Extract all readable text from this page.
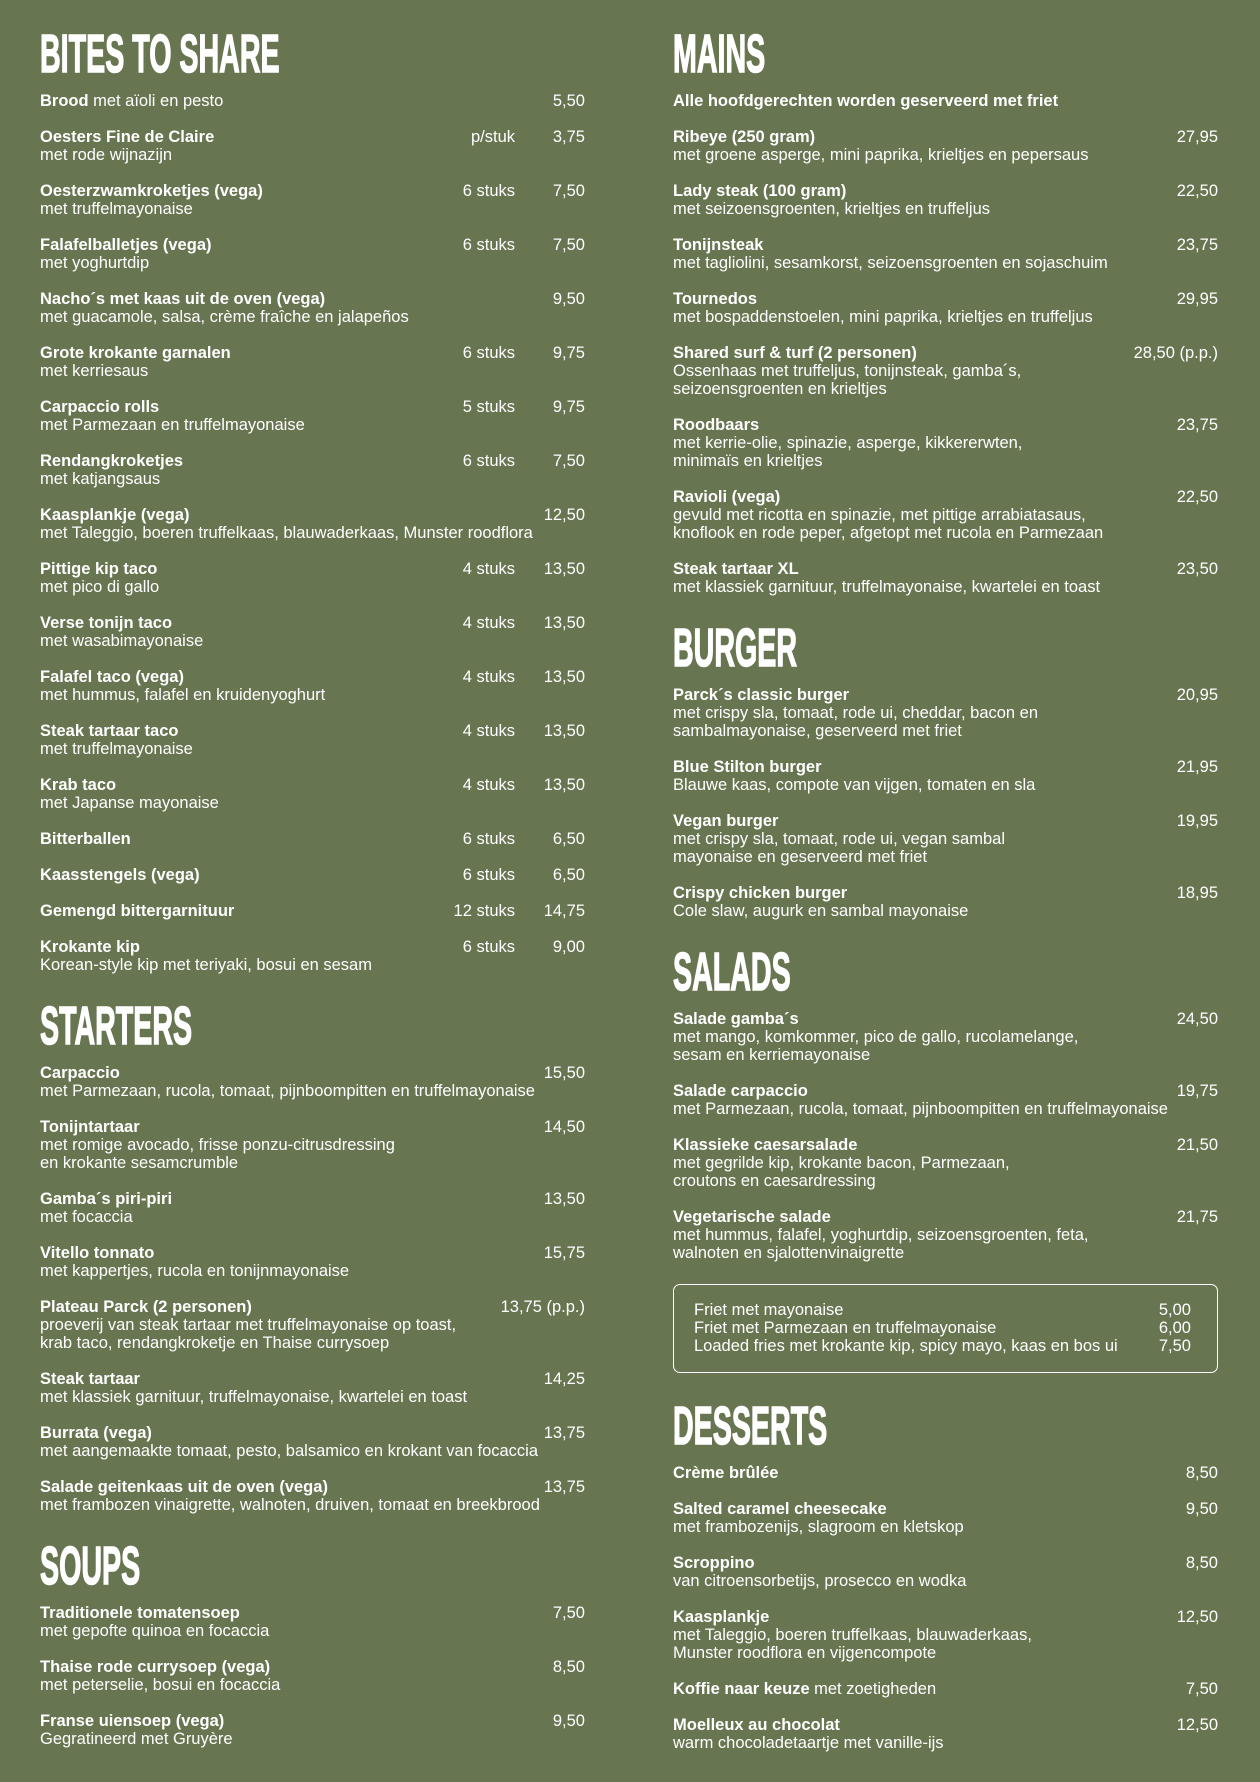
BITES TO SHARE
Brood met aïoli en pesto	5,50
Oesters Fine de Claire	p/stuk 3,75
met rode wijnazijn
Oesterzwamkroketjes (vega)	6 stuks 7,50
met truffelmayonaise
Falafelballetjes (vega)	6 stuks 7,50
met yoghurtdip
Nacho´s met kaas uit de oven (vega)	9,50
met guacamole, salsa, crème fraîche en jalapeños
Grote krokante garnalen	6 stuks 9,75
met kerriesaus
Carpaccio rolls	5 stuks 9,75
met Parmezaan en truffelmayonaise
Rendangkroketjes	6 stuks 7,50
met katjangsaus
Kaasplankje (vega)	12,50
met Taleggio, boeren truffelkaas, blauwaderkaas, Munster roodflora
Pittige kip taco	4 stuks 13,50
met pico di gallo
Verse tonijn taco	4 stuks 13,50
met wasabimayonaise
Falafel taco (vega)	4 stuks 13,50
met hummus, falafel en kruidenyoghurt
Steak tartaar taco	4 stuks 13,50
met truffelmayonaise
Krab taco	4 stuks 13,50
met Japanse mayonaise
Bitterballen	6 stuks 6,50
Kaasstengels (vega)	6 stuks 6,50
Gemengd bittergarnituur	12 stuks 14,75
Krokante kip	6 stuks 9,00
Korean-style kip met teriyaki, bosui en sesam
STARTERS
Carpaccio	15,50
met Parmezaan, rucola, tomaat, pijnboompitten en truffelmayonaise
Tonijntartaar	14,50
met romige avocado, frisse ponzu-citrusdressing
en krokante sesamcrumble
Gamba´s piri-piri	13,50
met focaccia
Vitello tonnato	15,75
met kappertjes, rucola en tonijnmayonaise
Plateau Parck (2 personen)	13,75 (p.p.)
proeverij van steak tartaar met truffelmayonaise op toast,
krab taco, rendangkroketje en Thaise currysoep
Steak tartaar	14,25
met klassiek garnituur, truffelmayonaise, kwartelei en toast
Burrata (vega)	13,75
met aangemaakte tomaat, pesto, balsamico en krokant van focaccia
Salade geitenkaas uit de oven (vega)	13,75
met frambozen vinaigrette, walnoten, druiven, tomaat en breekbrood
SOUPS
Traditionele tomatensoep	7,50
met gepofte quinoa en focaccia
Thaise rode currysoep (vega)	8,50
met peterselie, bosui en focaccia
Franse uiensoep (vega)	9,50
Gegratineerd met Gruyère
MAINS
Alle hoofdgerechten worden geserveerd met friet
Ribeye (250 gram)	27,95
met groene asperge, mini paprika, krieltjes en pepersaus
Lady steak (100 gram)	22,50
met seizoensgroenten, krieltjes en truffeljus
Tonijnsteak	23,75
met tagliolini, sesamkorst, seizoensgroenten en sojaschuim
Tournedos	29,95
met bospaddenstoelen, mini paprika, krieltjes en truffeljus
Shared surf & turf (2 personen)	28,50 (p.p.)
Ossenhaas met truffeljus, tonijnsteak, gamba´s,
seizoensgroenten en krieltjes
Roodbaars	23,75
met kerrie-olie, spinazie, asperge, kikkererwten,
minimaïs en krieltjes
Ravioli (vega)	22,50
gevuld met ricotta en spinazie, met pittige arrabiatasaus,
knoflook en rode peper, afgetopt met rucola en Parmezaan
Steak tartaar XL	23,50
met klassiek garnituur, truffelmayonaise, kwartelei en toast
BURGER
Parck´s classic burger	20,95
met crispy sla, tomaat, rode ui, cheddar, bacon en
sambalmayonaise, geserveerd met friet
Blue Stilton burger	21,95
Blauwe kaas, compote van vijgen, tomaten en sla
Vegan burger	19,95
met crispy sla, tomaat, rode ui, vegan sambal
mayonaise en geserveerd met friet
Crispy chicken burger	18,95
Cole slaw, augurk en sambal mayonaise
SALADS
Salade gamba´s	24,50
met mango, komkommer, pico de gallo, rucolamelange,
sesam en kerriemayonaise
Salade carpaccio	19,75
met Parmezaan, rucola, tomaat, pijnboompitten en truffelmayonaise
Klassieke caesarsalade	21,50
met gegrilde kip, krokante bacon, Parmezaan,
croutons en caesardressing
Vegetarische salade	21,75
met hummus, falafel, yoghurtdip, seizoensgroenten, feta,
walnoten en sjalottenvinaigrette
Friet met mayonaise	5,00
Friet met Parmezaan en truffelmayonaise	6,00
Loaded fries met krokante kip, spicy mayo, kaas en bos ui	7,50
DESSERTS
Crème brûlée	8,50
Salted caramel cheesecake	9,50
met frambozenijs, slagroom en kletskop
Scroppino	8,50
van citroensorbetijs, prosecco en wodka
Kaasplankje	12,50
met Taleggio, boeren truffelkaas, blauwaderkaas,
Munster roodflora en vijgencompote
Koffie naar keuze met zoetigheden	7,50
Moelleux au chocolat	12,50
warm chocoladetaartje met vanille-ijs
